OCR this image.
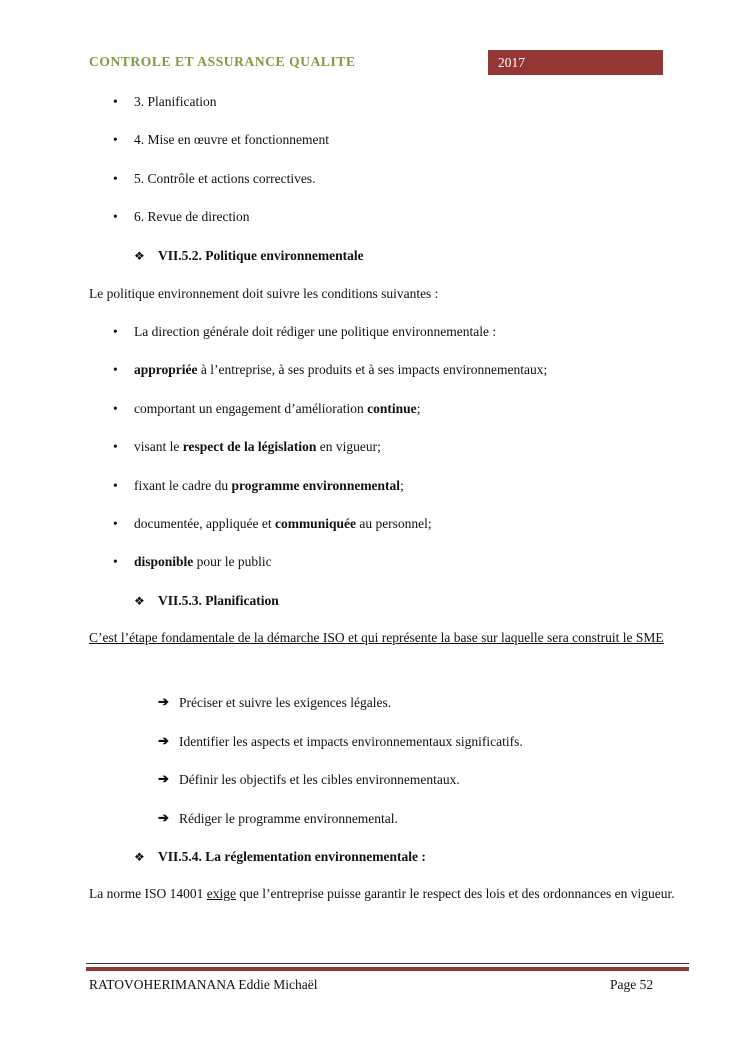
CONTROLE ET ASSURANCE QUALITE	2017
• 3. Planification
• 4. Mise en œuvre et fonctionnement
• 5. Contrôle et actions correctives.
• 6. Revue de direction
❖ VII.5.2. Politique environnementale
Le politique environnement doit suivre les conditions suivantes :
• La direction générale doit rédiger une politique environnementale :
• appropriée à l’entreprise, à ses produits et à ses impacts environnementaux;
• comportant un engagement d’amélioration continue;
• visant le respect de la législation en vigueur;
• fixant le cadre du programme environnemental;
• documentée, appliquée et communiquée au personnel;
• disponible pour le public
❖ VII.5.3. Planification
C’est l’étape fondamentale de la démarche ISO et qui représente la base sur laquelle sera construit le SME
➔ Préciser et suivre les exigences légales.
➔ Identifier les aspects et impacts environnementaux significatifs.
➔ Définir les objectifs et les cibles environnementaux.
➔ Rédiger le programme environnemental.
❖ VII.5.4. La réglementation environnementale :
La norme ISO 14001 exige que l’entreprise puisse garantir le respect des lois et des ordonnances en vigueur.
RATOVOHERIMANANA Eddie Michaël	Page 52
